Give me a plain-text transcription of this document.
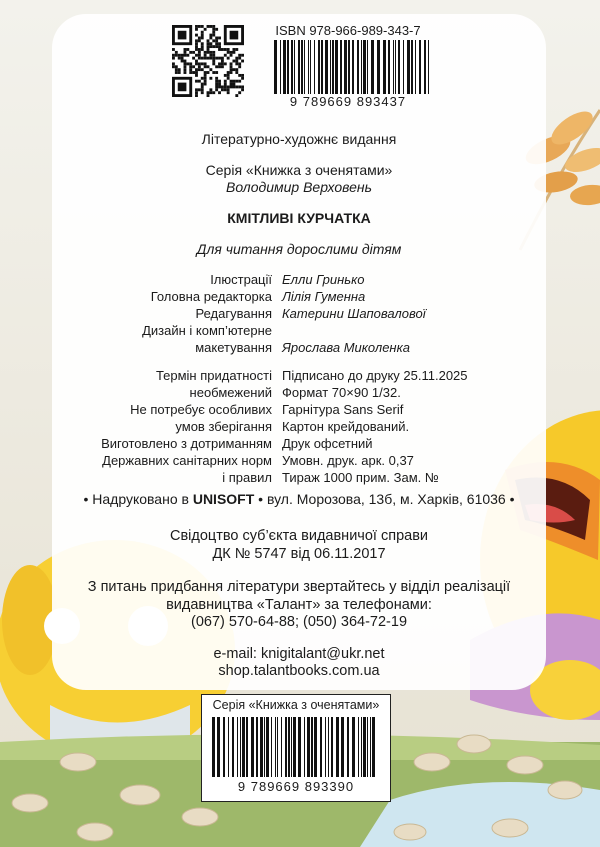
ISBN 978-966-989-343-7
9 789669 893437
Літературно-художнє видання
Серія «Книжка з оченятами»
Володимир Верховень
КМІТЛИВІ КУРЧАТКА
Для читання дорослими дітям
Ілюстрації Елли Гринько
Головна редакторка Лілія Гуменна
Редагування Катерини Шаповалової
Дизайн і комп’ютерне
макетування Ярослава Миколенка
Термін придатності Підписано до друку 25.11.2025
необмежений Формат 70×90 1/32.
Не потребує особливих Гарнітура Sans Serif
умов зберігання Картон крейдований.
Виготовлено з дотриманням Друк офсетний
Державних санітарних норм Умовн. друк. арк. 0,37
і правил Тираж 1000 прим. Зам. №
• Надруковано в UNISOFT • вул. Морозова, 13б, м. Харків, 61036 •
Свідоцтво суб’єкта видавничої справи
ДК № 5747 від 06.11.2017
З питань придбання літератури звертайтесь у відділ реалізації
видавництва «Талант» за телефонами:
(067) 570-64-88; (050) 364-72-19
e-mail: knigitalant@ukr.net
shop.talantbooks.com.ua
Серія «Книжка з оченятами»
9 789669 893390
